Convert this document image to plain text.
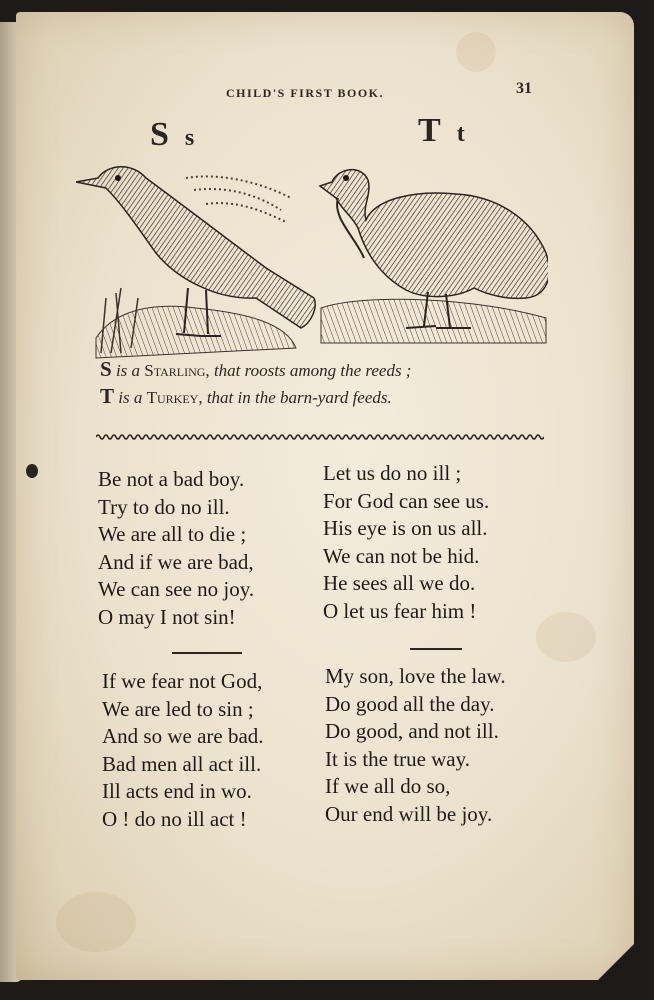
CHILD'S FIRST BOOK.	31
S s	T t
S is a Starling, that roosts among the reeds ;
T is a Turkey, that in the barn-yard feeds.
Be not a bad boy.
Try to do no ill.
We are all to die ;
And if we are bad,
We can see no joy.
O may I not sin!
Let us do no ill ;
For God can see us.
His eye is on us all.
We can not be hid.
He sees all we do.
O let us fear him !
If we fear not God,
We are led to sin ;
And so we are bad.
Bad men all act ill.
Ill acts end in wo.
O ! do no ill act !
My son, love the law.
Do good all the day.
Do good, and not ill.
It is the true way.
If we all do so,
Our end will be joy.
